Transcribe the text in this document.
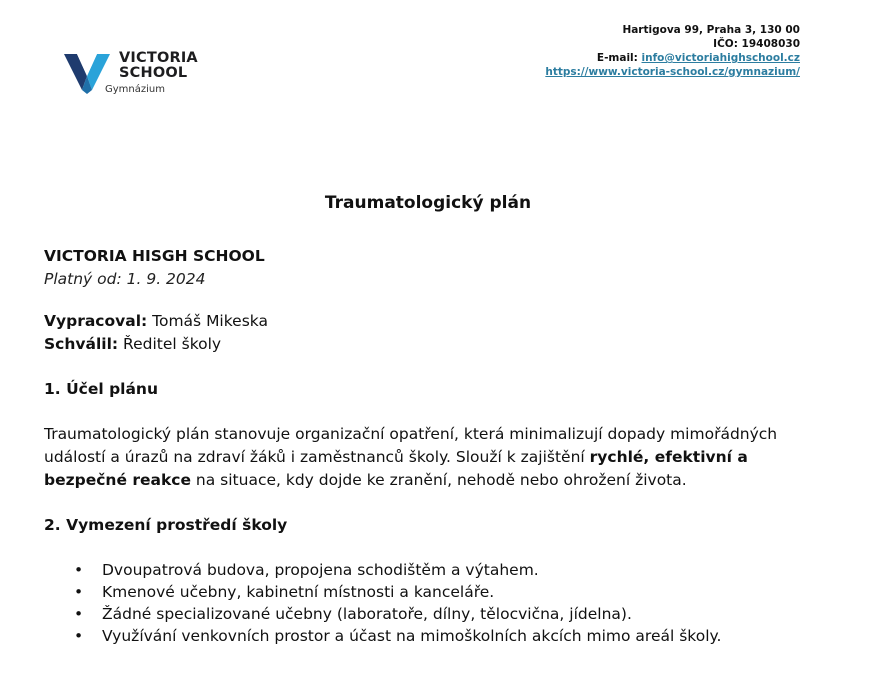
VICTORIA
SCHOOL
Gymnázium
Hartigova 99, Praha 3, 130 00
IČO: 19408030
E-mail: info@victoriahighschool.cz
https://www.victoria-school.cz/gymnazium/
Traumatologický plán

VICTORIA HISGH SCHOOL

Platný od: 1. 9. 2024

Vypracoval: Tomáš Mikeska

Schválil: Ředitel školy

1. Účel plánu

Traumatologický plán stanovuje organizační opatření, která minimalizují dopady mimořádných událostí a úrazů na zdraví žáků i zaměstnanců školy. Slouží k zajištění rychlé, efektivní a bezpečné reakce na situace, kdy dojde ke zranění, nehodě nebo ohrožení života.

2. Vymezení prostředí školy

• Dvoupatrová budova, propojena schodištěm a výtahem.
• Kmenové učebny, kabinetní místnosti a kanceláře.
• Žádné specializované učebny (laboratoře, dílny, tělocvična, jídelna).
• Využívání venkovních prostor a účast na mimoškolních akcích mimo areál školy.
